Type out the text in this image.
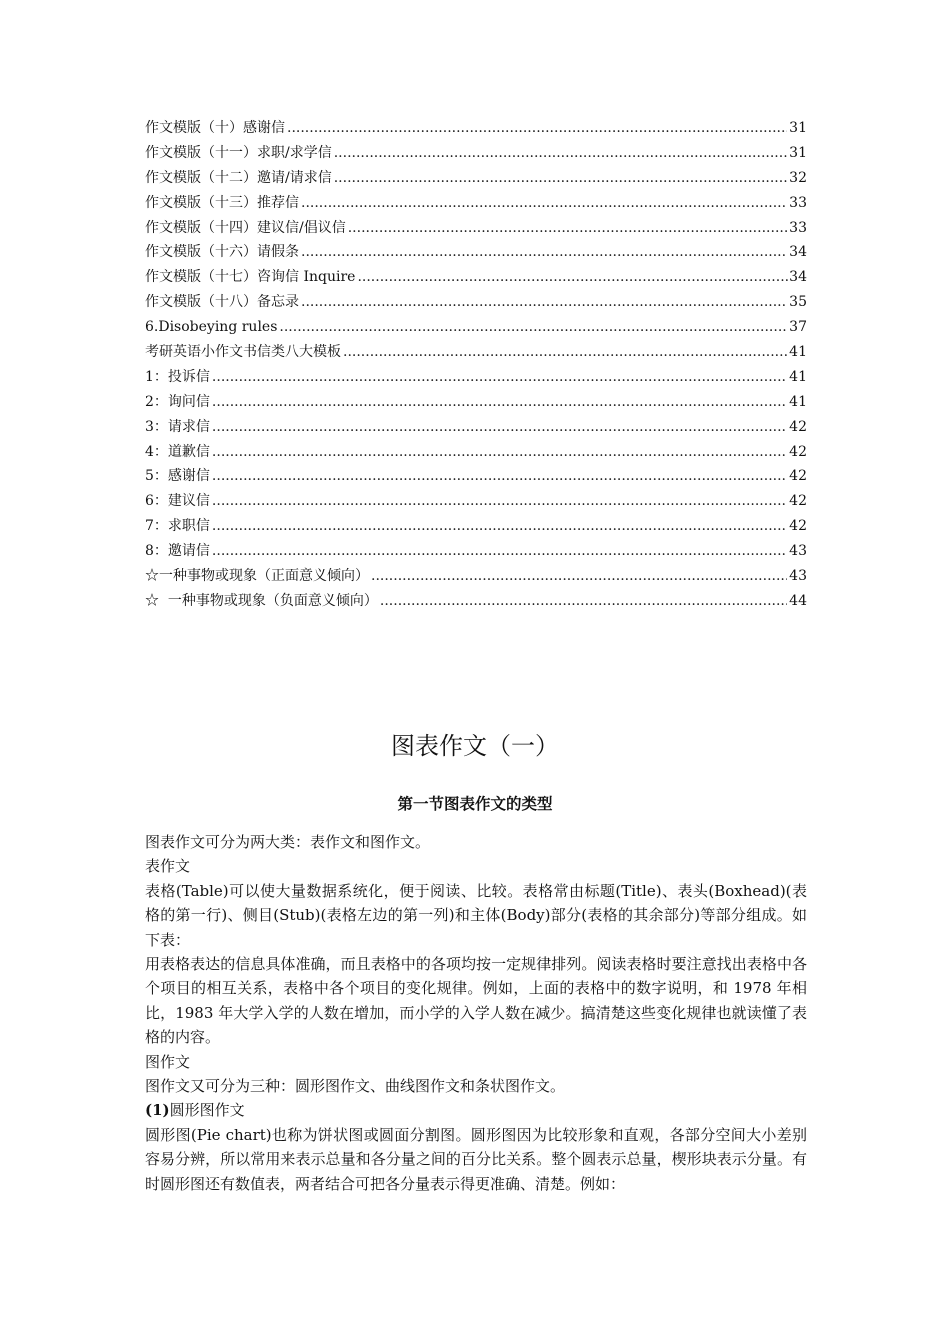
作文模版（十）感谢信 .....	31
作文模版（十一）求职/求学信 .....	31
作文模版（十二）邀请/请求信 .....	32
作文模版（十三）推荐信 .....	33
作文模版（十四）建议信/倡议信 .....	33
作文模版（十六）请假条 .....	34
作文模版（十七）咨询信 Inquire .....	34
作文模版（十八）备忘录 .....	35
6.Disobeying rules .....	37
考研英语小作文书信类八大模板 .....	41
1：投诉信 .....	41
2：询问信 .....	41
3：请求信 .....	42
4：道歉信 .....	42
5：感谢信 .....	42
6：建议信 .....	42
7：求职信 .....	42
8：邀请信 .....	43
☆一种事物或现象（正面意义倾向） .....	43
☆  一种事物或现象（负面意义倾向） .....	44
图表作文（一）
第一节图表作文的类型

图表作文可分为两大类：表作文和图作文。

表作文

表格(Table)可以使大量数据系统化，便于阅读、比较。表格常由标题(Title)、表头(Boxhead)(表格的第一行)、侧目(Stub)(表格左边的第一列)和主体(Body)部分(表格的其余部分)等部分组成。如下表：

用表格表达的信息具体准确，而且表格中的各项均按一定规律排列。阅读表格时要注意找出表格中各个项目的相互关系，表格中各个项目的变化规律。例如，上面的表格中的数字说明，和 1978 年相比，1983 年大学入学的人数在增加，而小学的入学人数在减少。搞清楚这些变化规律也就读懂了表格的内容。

图作文

图作文又可分为三种：圆形图作文、曲线图作文和条状图作文。

(1)圆形图作文

圆形图(Pie chart)也称为饼状图或圆面分割图。圆形图因为比较形象和直观，各部分空间大小差别容易分辨，所以常用来表示总量和各分量之间的百分比关系。整个圆表示总量，楔形块表示分量。有时圆形图还有数值表，两者结合可把各分量表示得更准确、清楚。例如：
